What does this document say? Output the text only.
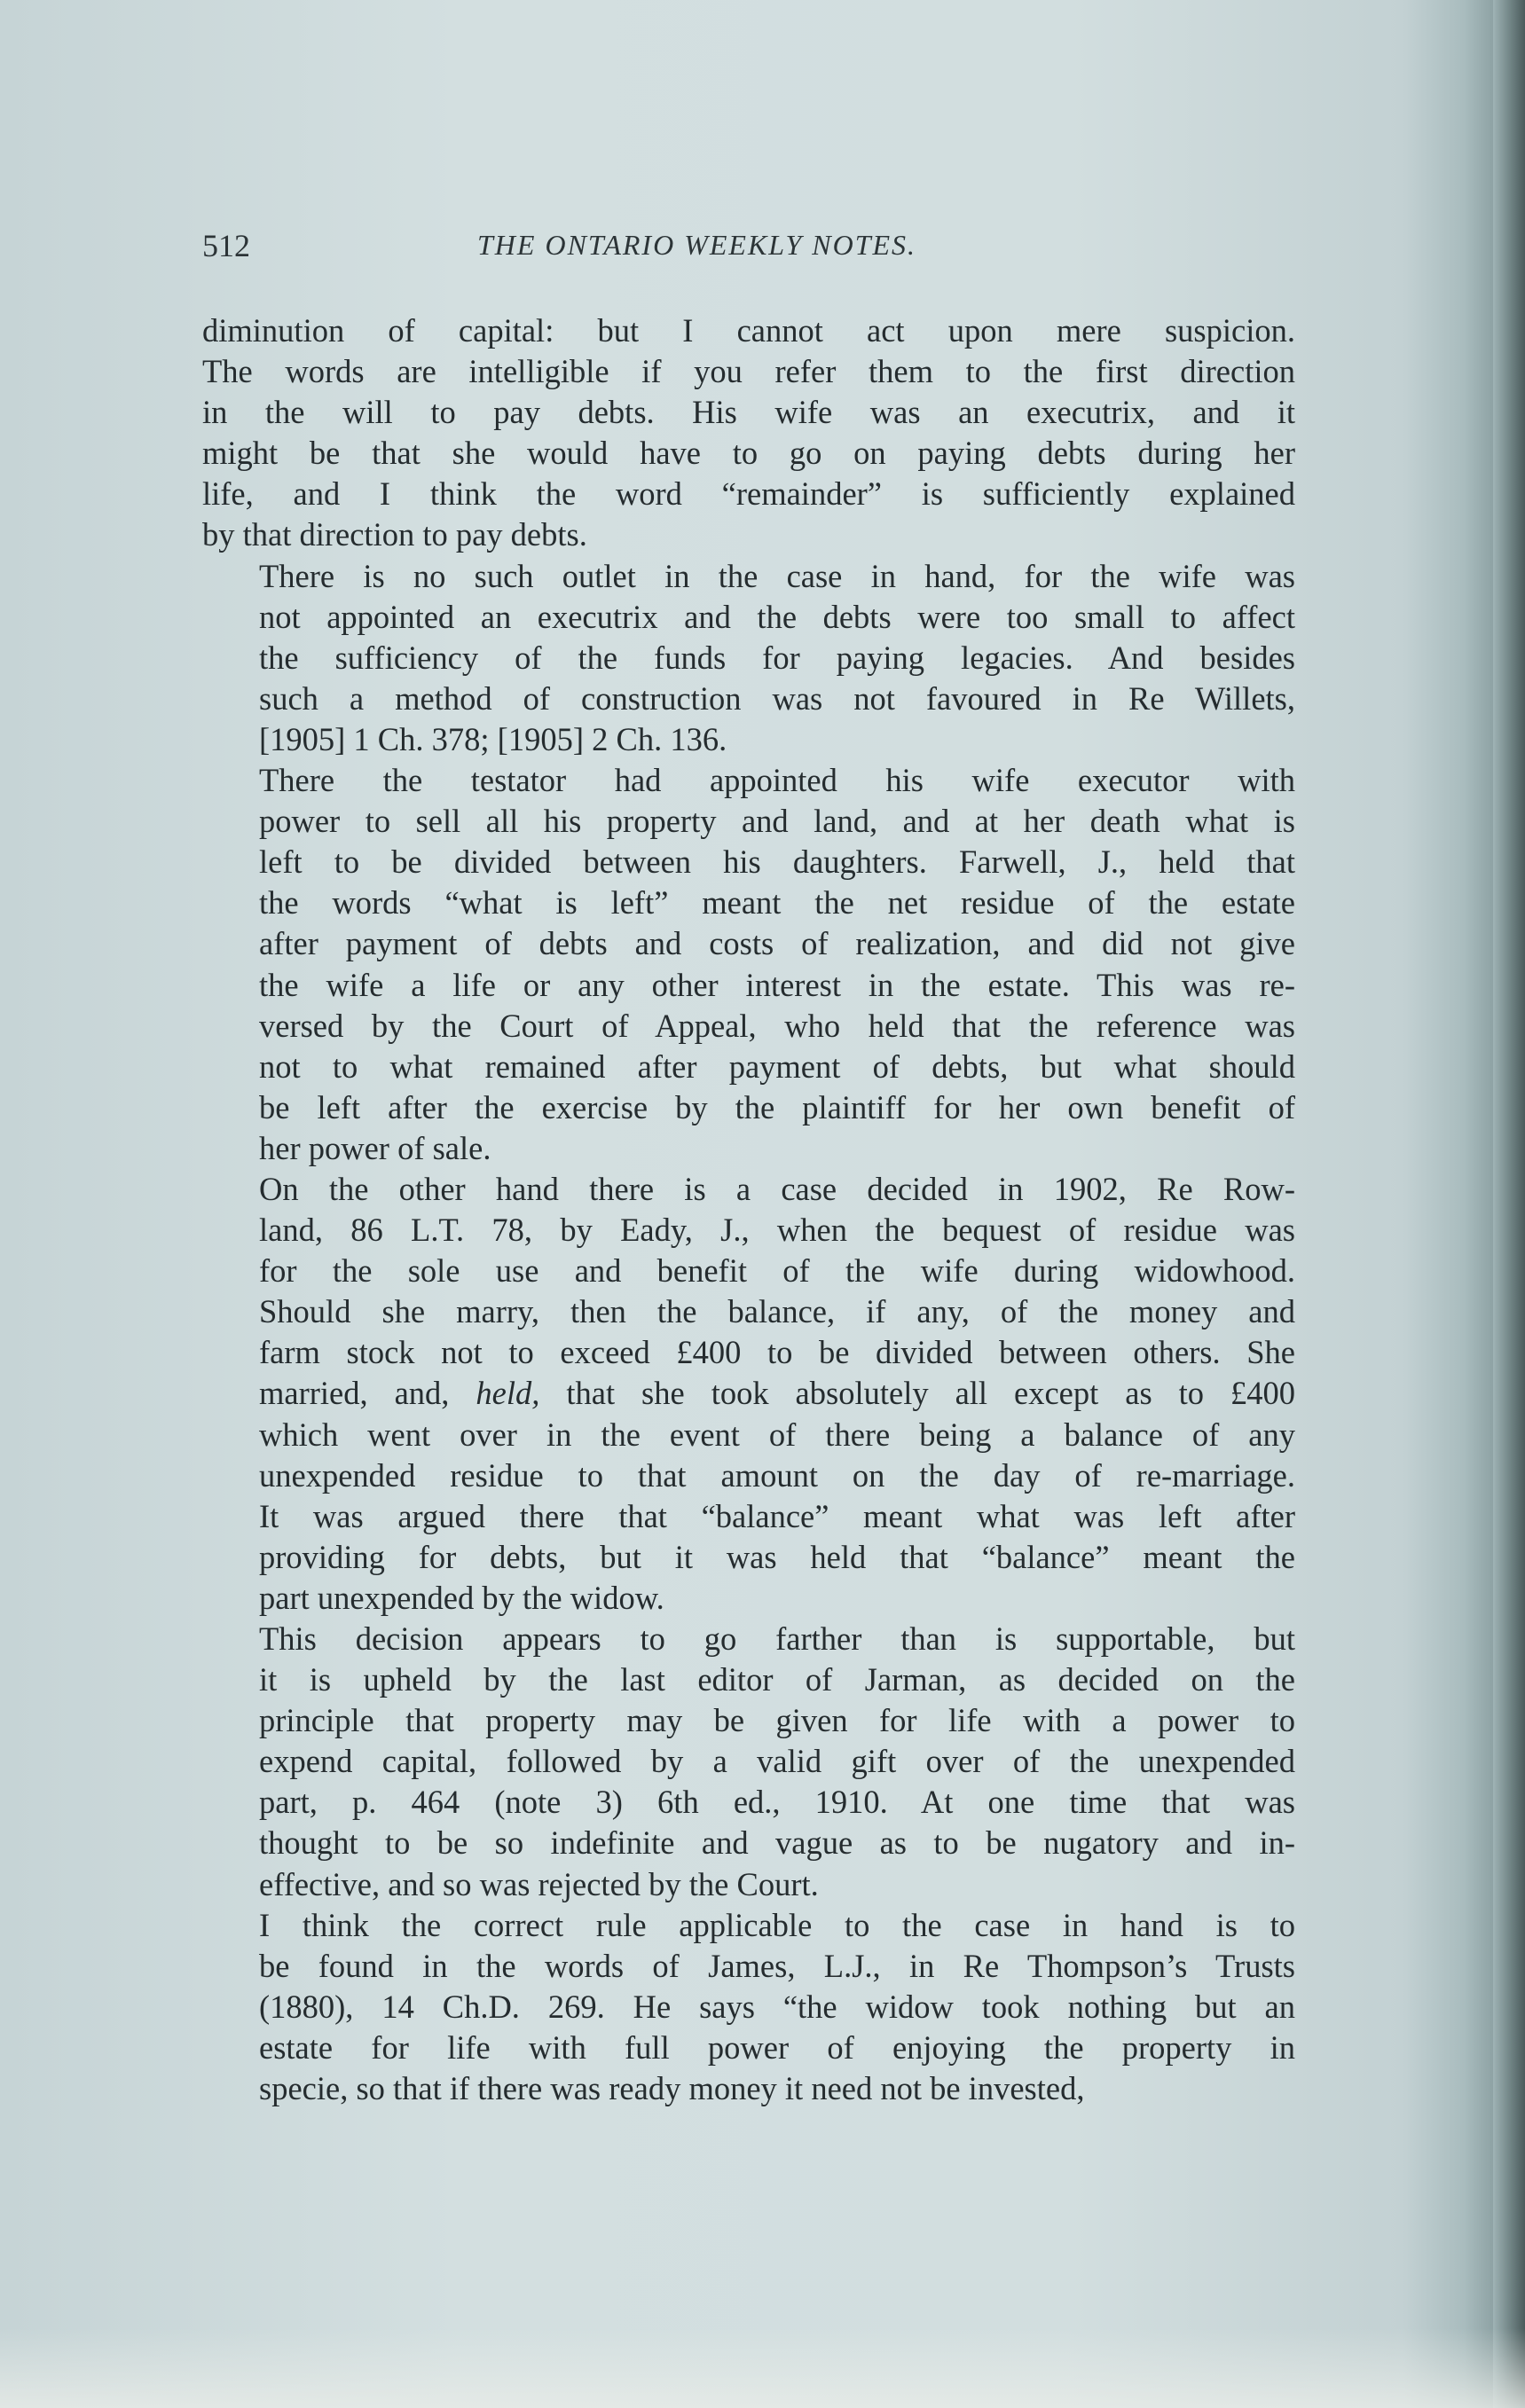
512	THE ONTARIO WEEKLY NOTES.
diminution of capital: but I cannot act upon mere suspicion.
The words are intelligible if you refer them to the first direction
in the will to pay debts. His wife was an executrix, and it
might be that she would have to go on paying debts during her
life, and I think the word “remainder” is sufficiently explained
by that direction to pay debts.
There is no such outlet in the case in hand, for the wife was
not appointed an executrix and the debts were too small to affect
the sufficiency of the funds for paying legacies. And besides
such a method of construction was not favoured in Re Willets,
[1905] 1 Ch. 378; [1905] 2 Ch. 136.
There the testator had appointed his wife executor with
power to sell all his property and land, and at her death what is
left to be divided between his daughters. Farwell, J., held that
the words “what is left” meant the net residue of the estate
after payment of debts and costs of realization, and did not give
the wife a life or any other interest in the estate. This was re-
versed by the Court of Appeal, who held that the reference was
not to what remained after payment of debts, but what should
be left after the exercise by the plaintiff for her own benefit of
her power of sale.
On the other hand there is a case decided in 1902, Re Row-
land, 86 L.T. 78, by Eady, J., when the bequest of residue was
for the sole use and benefit of the wife during widowhood.
Should she marry, then the balance, if any, of the money and
farm stock not to exceed £400 to be divided between others. She
married, and, held, that she took absolutely all except as to £400
which went over in the event of there being a balance of any
unexpended residue to that amount on the day of re-marriage.
It was argued there that “balance” meant what was left after
providing for debts, but it was held that “balance” meant the
part unexpended by the widow.
This decision appears to go farther than is supportable, but
it is upheld by the last editor of Jarman, as decided on the
principle that property may be given for life with a power to
expend capital, followed by a valid gift over of the unexpended
part, p. 464 (note 3) 6th ed., 1910. At one time that was
thought to be so indefinite and vague as to be nugatory and in-
effective, and so was rejected by the Court.
I think the correct rule applicable to the case in hand is to
be found in the words of James, L.J., in Re Thompson’s Trusts
(1880), 14 Ch.D. 269. He says “the widow took nothing but an
estate for life with full power of enjoying the property in
specie, so that if there was ready money it need not be invested,
